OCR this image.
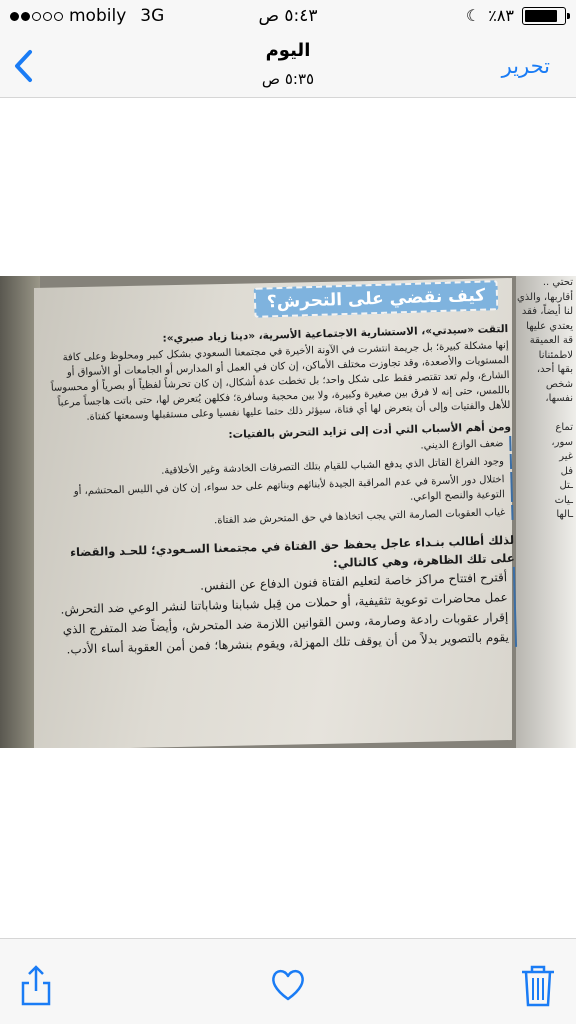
mobily 3G	٥:٤٣ ص	☾ ٪٨٣
اليوم
٥:٣٥ ص
تحرير
تحتي ..
أقاربها، والذي
لنا أيضاً، فقد
يعتدي عليها
قة العميقة
لاطمئنانا
بقها أحد،
شخص
نفسها،

تماع
سور،
غير
فل
ـتل
ـيات
ـالها
كيف نقضي على التحرش؟
التقت «سيدتي»، الاستشارية الاجتماعية الأسرية، «دينا زياد صبري»:
إنها مشكلة كبيرة؛ بل جريمة انتشرت في الآونة الأخيرة في مجتمعنا السعودي بشكل كبير ومحلوظ وعلى كافة المستويات والأصعدة، وقد تجاوزت مختلف الأماكن، إن كان في العمل أو المدارس أو الجامعات أو الأسواق أو الشارع، ولم تعد تقتصر فقط على شكل واحد؛ بل تخطت عدة أشكال، إن كان تحرشاً لفظياً أو بصرياً أو محسوساً باللمس، حتى إنه لا فرق بين صغيرة وكبيرة، ولا بين محجبة وسافرة؛ فكلهن يُتعرض لها، حتى باتت هاجساً مرعباً للأهل والفتيات وإلى أن يتعرض لها أي فتاة، سيؤثر ذلك حتما عليها نفسيا وعلى مستقبلها وسمعتها كفتاة.
ومن أهم الأسباب التي أدت إلى تزايد التحرش بالفتيات:
ضعف الوازع الديني.
وجود الفراغ القاتل الذي يدفع الشباب للقيام بتلك التصرفات الخادشة وغير الأخلاقية.
اختلال دور الأسرة في عدم المراقبة الجيدة لأبنائهم وبناتهم على حد سواء، إن كان في اللبس المحتشم، أو التوعية والنصح الواعي.
غياب العقوبات الصارمة التي يجب اتخاذها في حق المتحرش ضد الفتاة.
لذلك أطالب بنـداء عاجل يحفظ حق الفتاة في مجتمعنا السـعودي؛ للحـد والقضاء على تلك الظاهرة، وهي كالتالي:
أقترح افتتاح مراكز خاصة لتعليم الفتاة فنون الدفاع عن النفس.
عمل محاضرات توعوية تثقيفية، أو حملات من قِبل شبابنا وشاباتنا لنشر الوعي ضد التحرش.
إقرار عقوبات رادعة وصارمة، وسن القوانين اللازمة ضد المتحرش، وأيضاً ضد المتفرج الذي يقوم بالتصوير بدلاً من أن يوقف تلك المهزلة، ويقوم بنشرها؛ فمن أمن العقوبة أساء الأدب.
